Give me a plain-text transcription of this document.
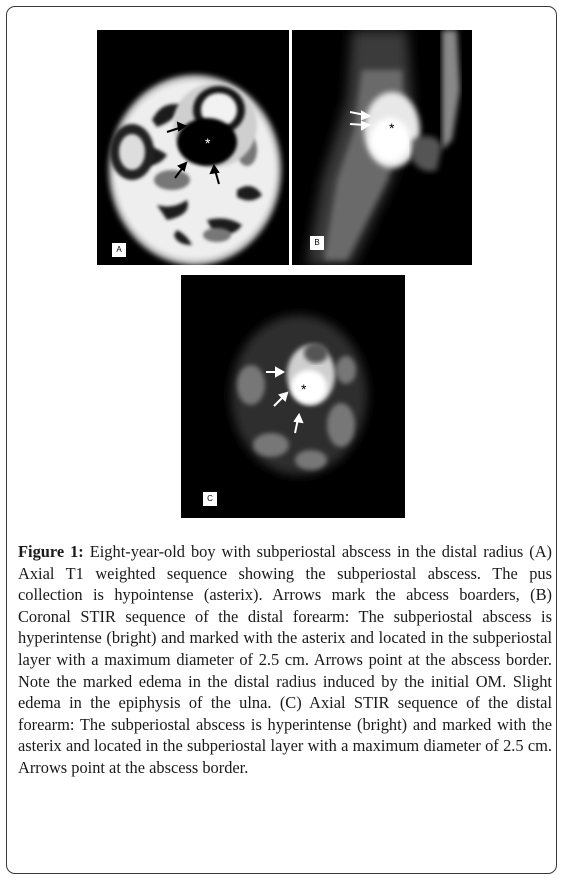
*
A
*
B
*
C
Figure 1: Eight-year-old boy with subperiostal abscess in the distal radius (A) Axial T1 weighted sequence showing the subperiostal abscess. The pus collection is hypointense (asterix). Arrows mark the abcess boarders, (B) Coronal STIR sequence of the distal forearm: The subperiostal abscess is hyperintense (bright) and marked with the asterix and located in the subperiostal layer with a maximum diameter of 2.5 cm. Arrows point at the abscess border. Note the marked edema in the distal radius induced by the initial OM. Slight edema in the epiphysis of the ulna. (C) Axial STIR sequence of the distal forearm: The subperiostal abscess is hyperintense (bright) and marked with the asterix and located in the subperiostal layer with a maximum diameter of 2.5 cm. Arrows point at the abscess border.
